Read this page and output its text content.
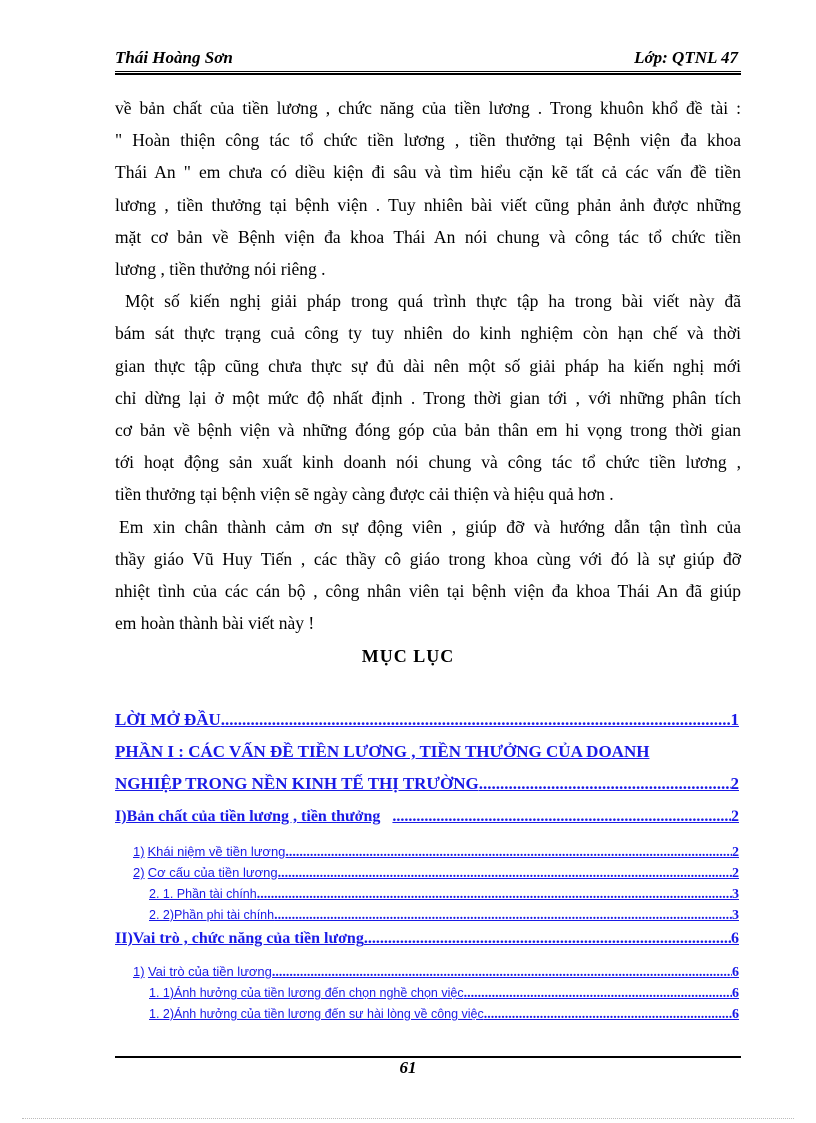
Thái Hoàng Sơn	Lớp: QTNL 47

về bản chất của tiền lương , chức năng của tiền lương . Trong khuôn khổ đề tài :

" Hoàn thiện công tác tổ chức tiền lương , tiền thưởng tại Bệnh viện đa khoa

Thái An " em chưa có diều kiện đi sâu và tìm hiểu cặn kẽ tất cả các vấn đề tiền

lương , tiền thưởng tại bệnh viện . Tuy nhiên bài viết cũng phản ảnh được những

mặt cơ bản về Bệnh viện đa khoa Thái An nói chung và công tác tổ chức tiền

lương , tiền thưởng nói riêng .

Một số kiến nghị giải pháp trong quá trình thực tập ha trong bài viết này đã

bám sát thực trạng cuả công ty tuy nhiên do kinh nghiệm còn hạn chế và thời

gian thực tập cũng chưa thực sự đủ dài nên một số giải pháp ha kiến nghị mới

chỉ dừng lại ở một mức độ nhất định . Trong thời gian tới , với những phân tích

cơ bản về bệnh viện và những đóng góp của bản thân em hi vọng trong thời gian

tới hoạt động sản xuất kinh doanh nói chung và công tác tổ chức tiền lương ,

tiền thưởng tại bệnh viện sẽ ngày càng được cải thiện và hiệu quả hơn .

Em xin chân thành cảm ơn sự động viên , giúp đỡ và hướng dẫn tận tình của

thầy giáo Vũ Huy Tiến , các thầy cô giáo trong khoa cùng với đó là sự giúp đỡ

nhiệt tình của các cán bộ , công nhân viên tại bệnh viện đa khoa Thái An đã giúp

em hoàn thành bài viết này !

MỤC LỤC
LỜI MỞ ĐẦU .....	1
PHẦN I : CÁC VẤN ĐỀ TIỀN LƯƠNG , TIỀN THƯỞNG CỦA DOANH
NGHIỆP TRONG NỀN KINH TẾ THỊ TRƯỜNG .....	2
I) Bản chất của tiền lương , tiền thưởng .....	2
1) Khái niệm về tiền lương .....	2
2) Cơ cấu của tiền lương .....	2
2. 1. Phần tài chính .....	3
2. 2)Phần phi tài chính .....	3
II) Vai trò , chức năng của tiền lương .....	6
1) Vai trò của tiền lương .....	6
1. 1)Ảnh hưởng của tiền lương đến chọn nghề chọn việc .....	6
1. 2)Ảnh hưởng của tiền lương đến sư hài lòng về công việc .....	6
61
